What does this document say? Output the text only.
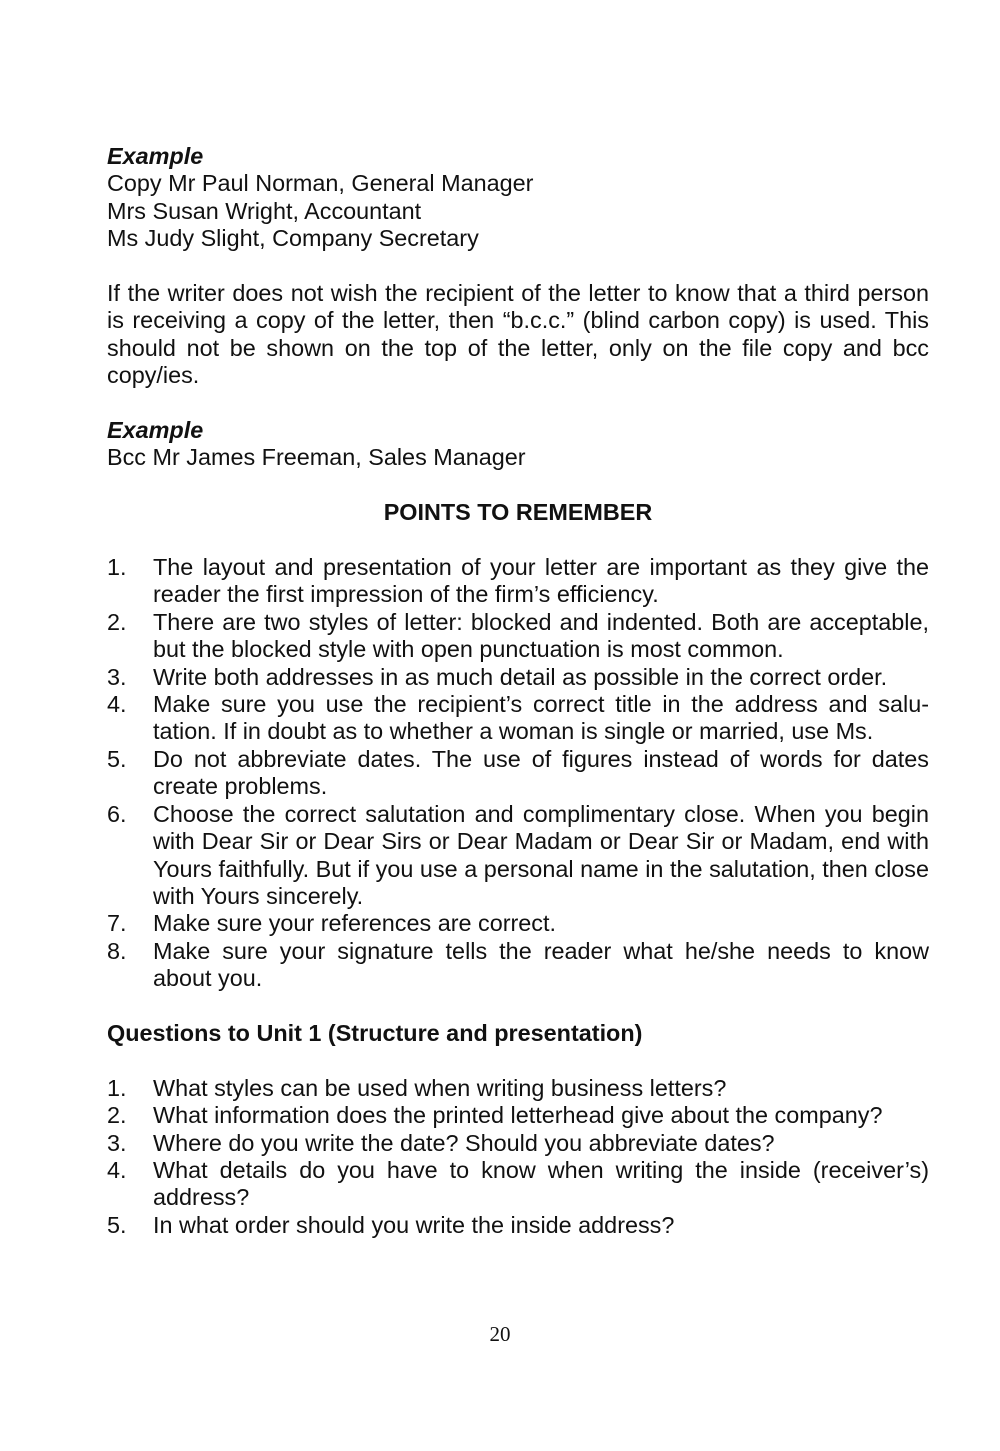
Example

Copy Mr Paul Norman, General Manager

Mrs Susan Wright, Accountant

Ms Judy Slight, Company Secretary

If the writer does not wish the recipient of the letter to know that a third person is receiving a copy of the letter, then “b.c.c.” (blind carbon copy) is used. This should not be shown on the top of the letter, only on the file copy and bcc copy/ies.

Example

Bcc Mr James Freeman, Sales Manager

POINTS TO REMEMBER

1. The layout and presentation of your letter are important as they give the reader the first impression of the firm’s efficiency.
2. There are two styles of letter: blocked and indented. Both are acceptable, but the blocked style with open punctuation is most common.
3. Write both addresses in as much detail as possible in the correct order.
4. Make sure you use the recipient’s correct title in the address and salutation. If in doubt as to whether a woman is single or married, use Ms.
5. Do not abbreviate dates. The use of figures instead of words for dates create problems.
6. Choose the correct salutation and complimentary close. When you begin with Dear Sir or Dear Sirs or Dear Madam or Dear Sir or Madam, end with Yours faithfully. But if you use a personal name in the salutation, then close with Yours sincerely.
7. Make sure your references are correct.
8. Make sure your signature tells the reader what he/she needs to know about you.

Questions to Unit 1 (Structure and presentation)

1. What styles can be used when writing business letters?
2. What information does the printed letterhead give about the company?
3. Where do you write the date? Should you abbreviate dates?
4. What details do you have to know when writing the inside (receiver’s) address?
5. In what order should you write the inside address?
20
